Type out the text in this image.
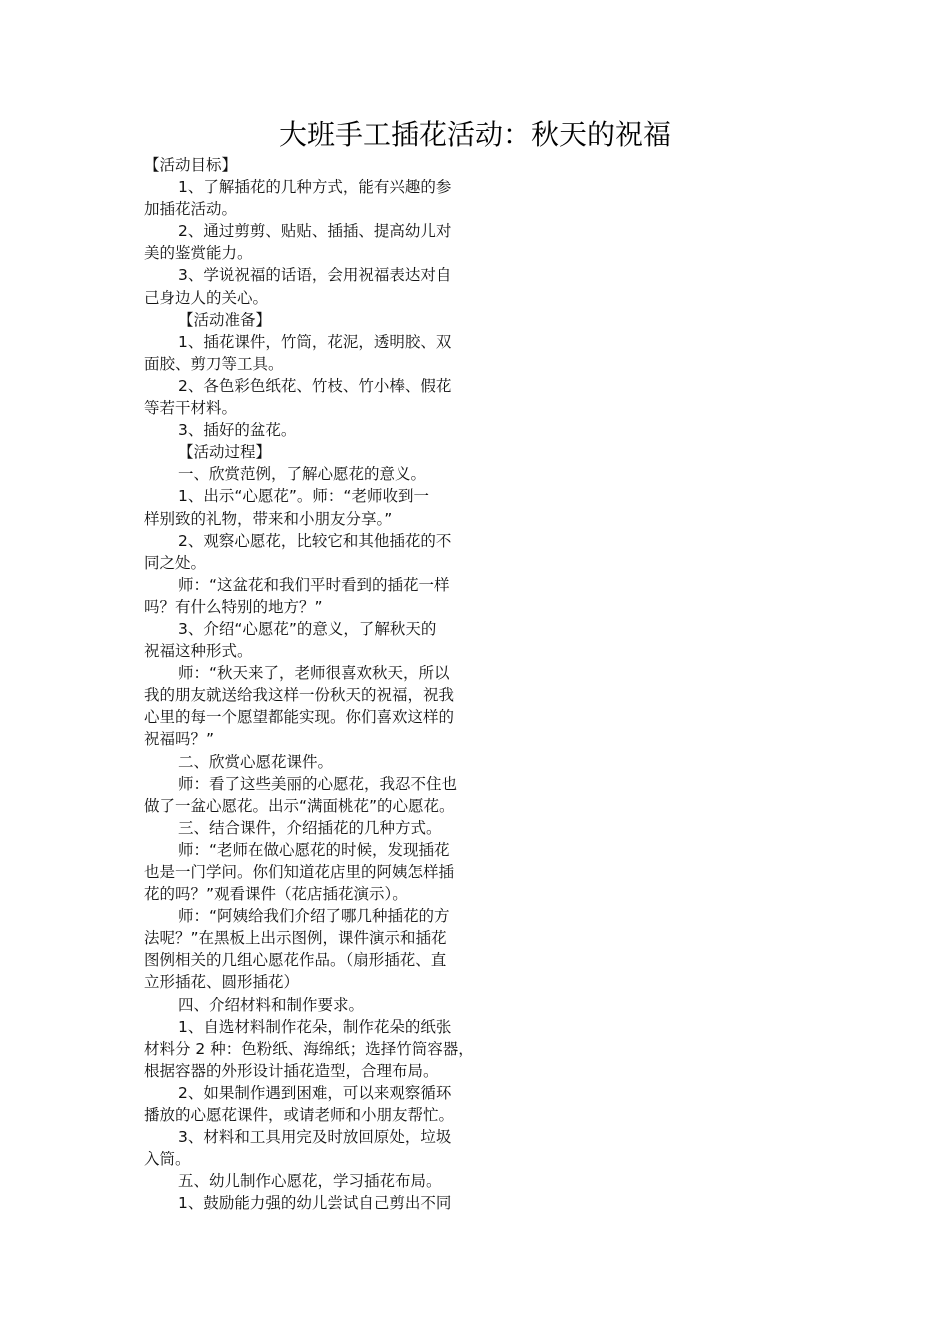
大班手工插花活动：秋天的祝福
【活动目标】
1、了解插花的几种方式，能有兴趣的参
加插花活动。
2、通过剪剪、贴贴、插插、提高幼儿对
美的鉴赏能力。
3、学说祝福的话语，会用祝福表达对自
己身边人的关心。
【活动准备】
1、插花课件，竹筒，花泥，透明胶、双
面胶、剪刀等工具。
2、各色彩色纸花、竹枝、竹小棒、假花
等若干材料。
3、插好的盆花。
【活动过程】
一、欣赏范例，了解心愿花的意义。
1、出示“心愿花”。师：“老师收到一
样别致的礼物，带来和小朋友分享。”
2、观察心愿花，比较它和其他插花的不
同之处。
师：“这盆花和我们平时看到的插花一样
吗？有什么特别的地方？”
3、介绍“心愿花”的意义，了解秋天的
祝福这种形式。
师：“秋天来了，老师很喜欢秋天，所以
我的朋友就送给我这样一份秋天的祝福，祝我
心里的每一个愿望都能实现。你们喜欢这样的
祝福吗？”
二、欣赏心愿花课件。
师：看了这些美丽的心愿花，我忍不住也
做了一盆心愿花。出示“满面桃花”的心愿花。
三、结合课件，介绍插花的几种方式。
师：“老师在做心愿花的时候，发现插花
也是一门学问。你们知道花店里的阿姨怎样插
花的吗？”观看课件（花店插花演示）。
师：“阿姨给我们介绍了哪几种插花的方
法呢？”在黑板上出示图例，课件演示和插花
图例相关的几组心愿花作品。（扇形插花、直
立形插花、圆形插花）
四、介绍材料和制作要求。
1、自选材料制作花朵，制作花朵的纸张
材料分 2 种：色粉纸、海绵纸；选择竹筒容器，
根据容器的外形设计插花造型，合理布局。
2、如果制作遇到困难，可以来观察循环
播放的心愿花课件，或请老师和小朋友帮忙。
3、材料和工具用完及时放回原处，垃圾
入筒。
五、幼儿制作心愿花，学习插花布局。
1、鼓励能力强的幼儿尝试自己剪出不同
